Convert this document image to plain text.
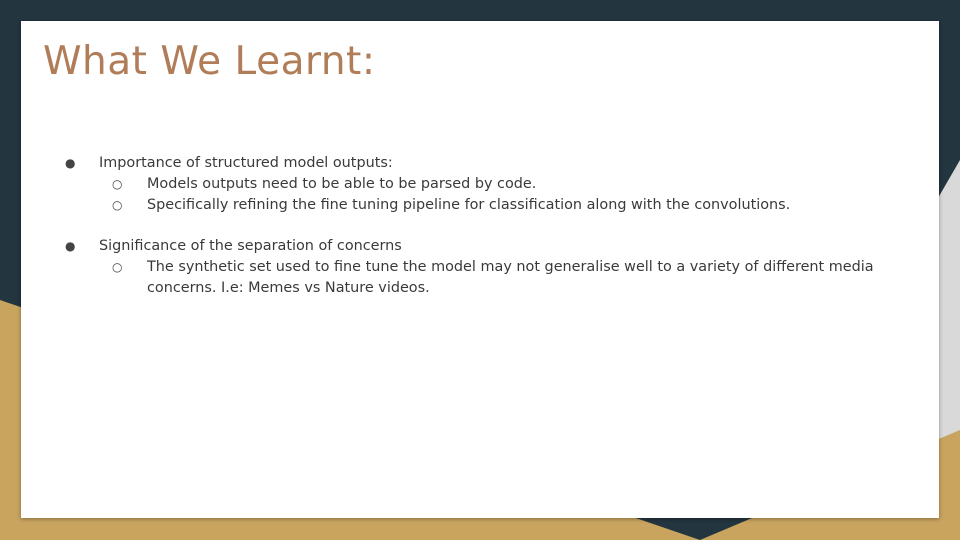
What We Learnt:
● Importance of structured model outputs:
○ Models outputs need to be able to be parsed by code.
○ Specifically refining the fine tuning pipeline for classification along with the convolutions.
● Significance of the separation of concerns
○ The synthetic set used to fine tune the model may not generalise well to a variety of different media concerns. I.e: Memes vs Nature videos.
